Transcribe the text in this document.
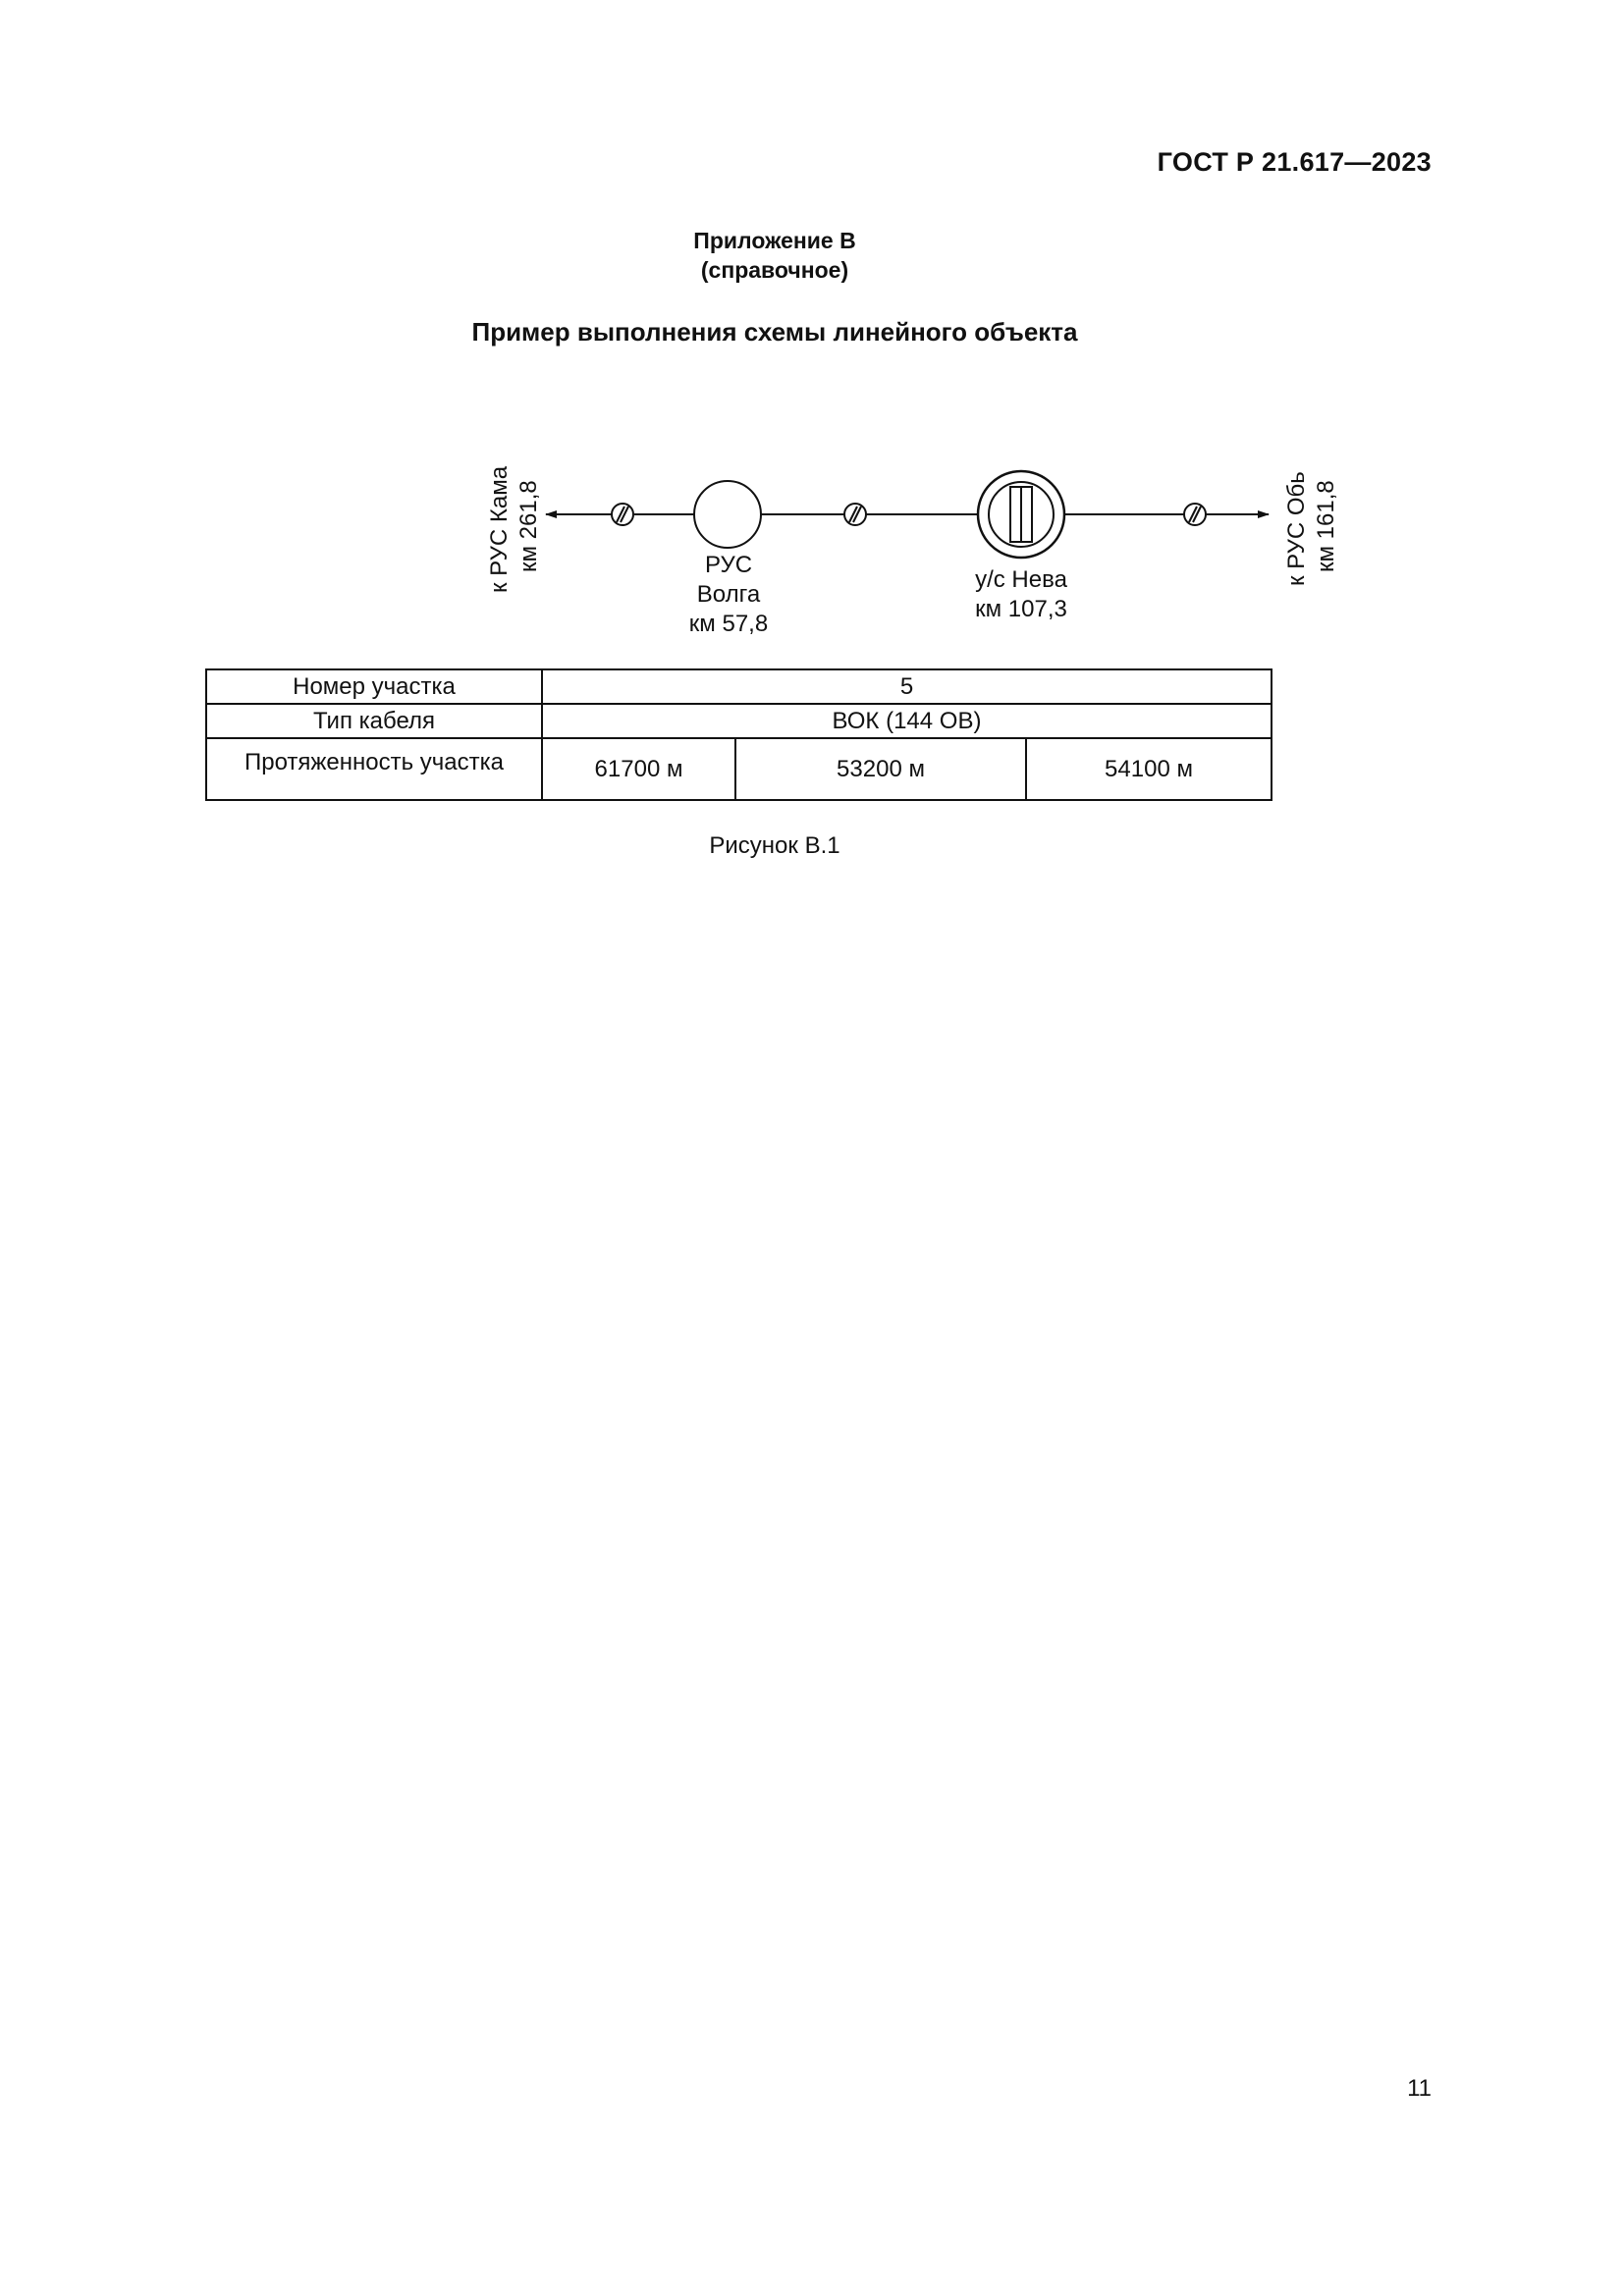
ГОСТ Р 21.617—2023
Приложение В
(справочное)
Пример выполнения схемы линейного объекта
к РУС Кама км 261,8	к РУС Обь км 161,8
РУС
Волга
км 57,8
у/с Нева
км 107,3
Номер участка	5		
Тип кабеля	ВОК (144 ОВ)		
Протяженность участка	61700 м	53200 м	54100 м
Рисунок В.1
11
